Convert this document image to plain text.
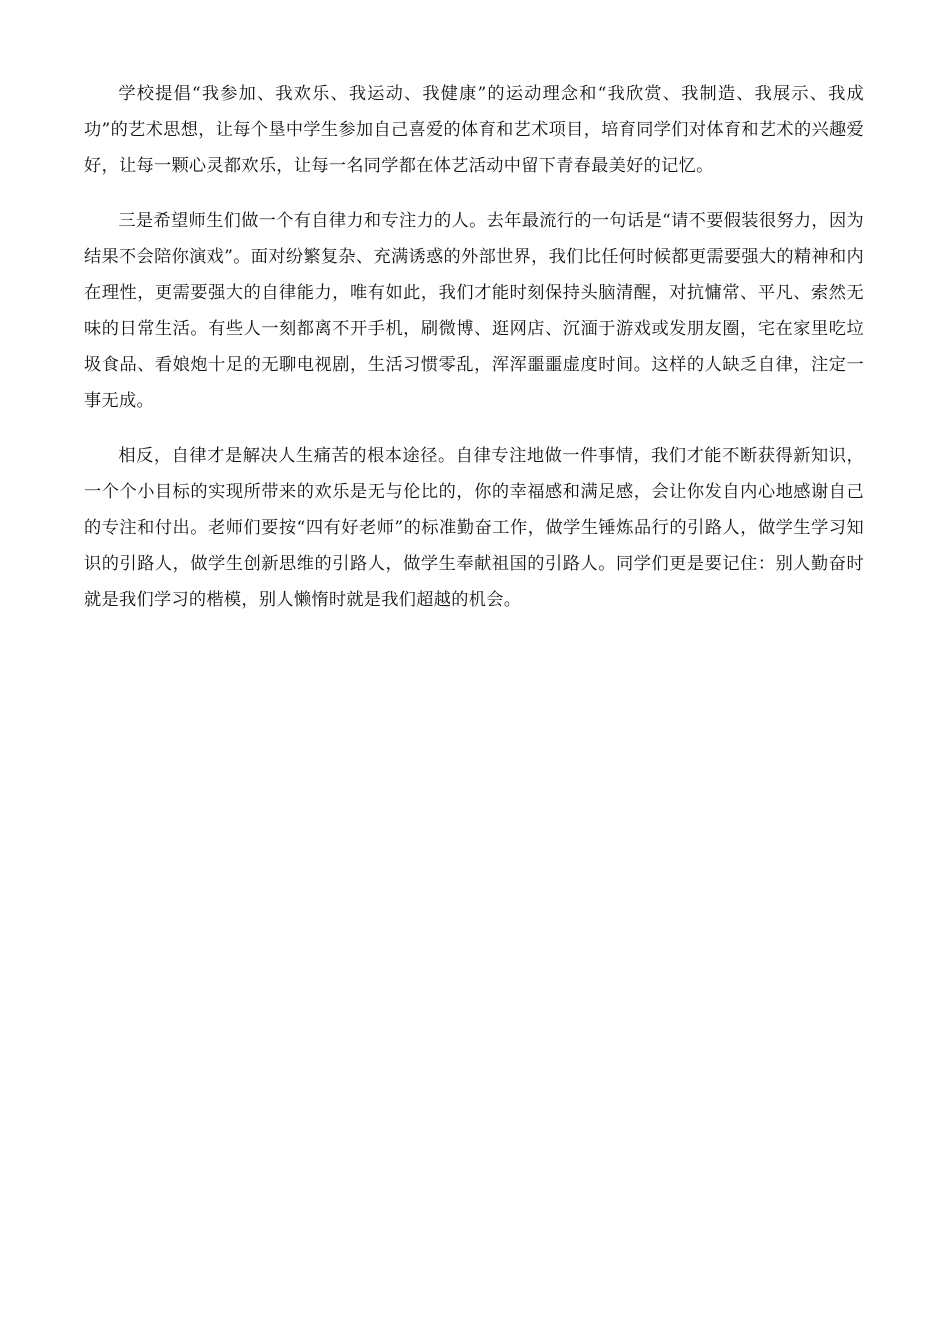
学校提倡“我参加、我欢乐、我运动、我健康”的运动理念和“我欣赏、我制造、我展示、我成功”的艺术思想，让每个垦中学生参加自己喜爱的体育和艺术项目，培育同学们对体育和艺术的兴趣爱好，让每一颗心灵都欢乐，让每一名同学都在体艺活动中留下青春最美好的记忆。

三是希望师生们做一个有自律力和专注力的人。去年最流行的一句话是“请不要假装很努力，因为结果不会陪你演戏”。面对纷繁复杂、充满诱惑的外部世界，我们比任何时候都更需要强大的精神和内在理性，更需要强大的自律能力，唯有如此，我们才能时刻保持头脑清醒，对抗慵常、平凡、索然无味的日常生活。有些人一刻都离不开手机，刷微博、逛网店、沉湎于游戏或发朋友圈，宅在家里吃垃圾食品、看娘炮十足的无聊电视剧，生活习惯零乱，浑浑噩噩虚度时间。这样的人缺乏自律，注定一事无成。

相反，自律才是解决人生痛苦的根本途径。自律专注地做一件事情，我们才能不断获得新知识，一个个小目标的实现所带来的欢乐是无与伦比的，你的幸福感和满足感，会让你发自内心地感谢自己的专注和付出。老师们要按“四有好老师”的标准勤奋工作，做学生锤炼品行的引路人，做学生学习知识的引路人，做学生创新思维的引路人，做学生奉献祖国的引路人。同学们更是要记住：别人勤奋时就是我们学习的楷模，别人懒惰时就是我们超越的机会。
